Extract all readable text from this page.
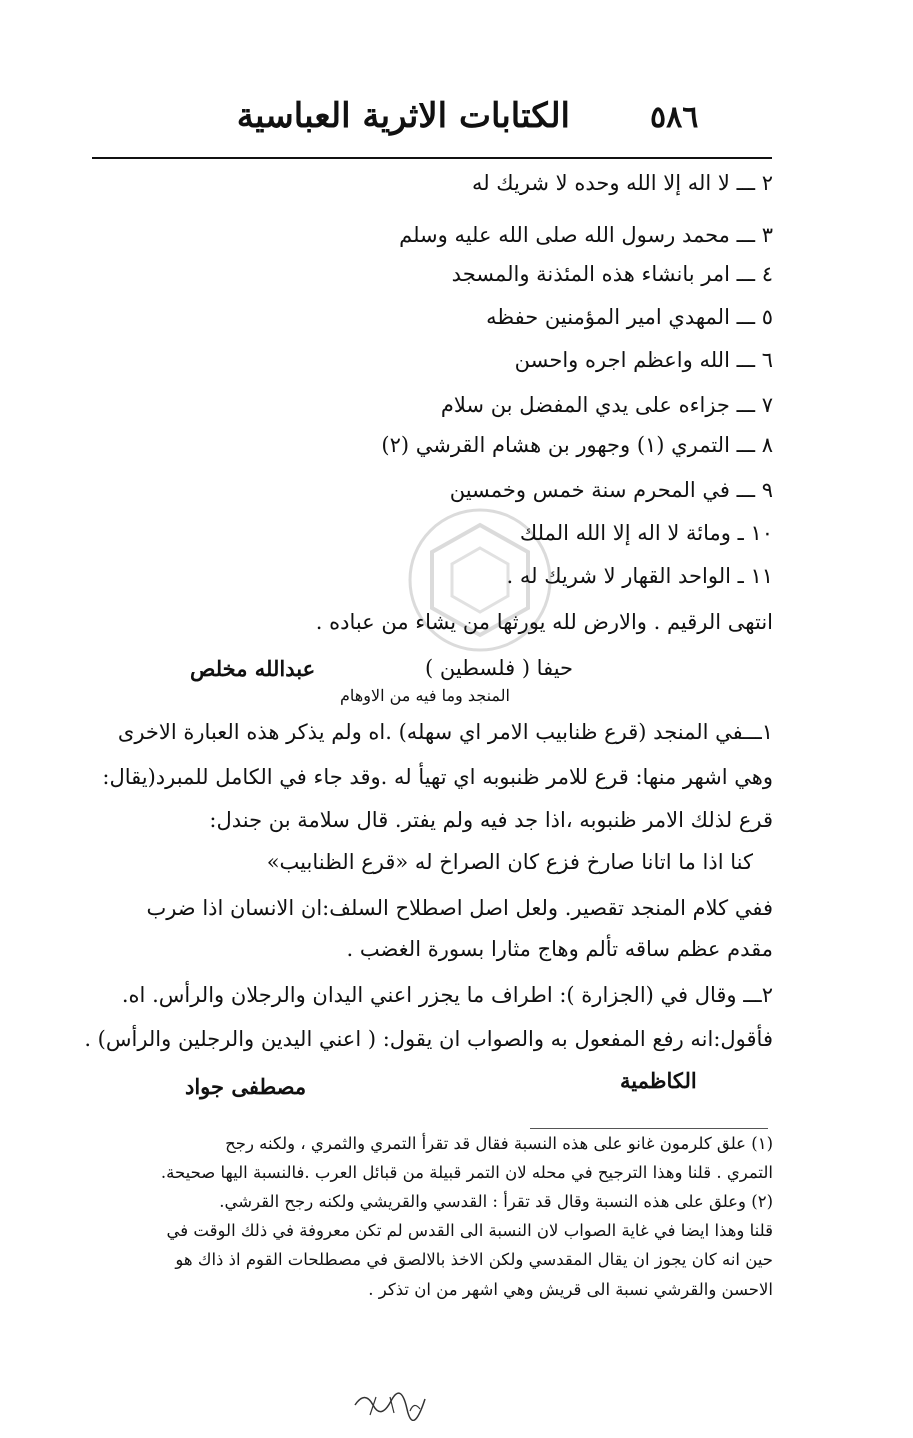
الكتابات الاثرية العباسية	٥٨٦
٢ ـــ لا اله إلا الله وحده لا شريك له
٣ ـــ محمد رسول الله صلى الله عليه وسلم
٤ ـــ امر بانشاء هذه المئذنة والمسجد
٥ ـــ المهدي امير المؤمنين حفظه
٦ ـــ الله واعظم اجره واحسن
٧ ـــ جزاءه على يدي المفضل بن سلام
٨ ـــ التمري (١) وجهور بن هشام القرشي (٢)
٩ ـــ في المحرم سنة خمس وخمسين
١٠ ـ ومائة لا اله إلا الله الملك
١١ ـ الواحد القهار لا شريك له .
انتهى الرقيم . والارض لله يورثها من يشاء من عباده .
عبدالله مخلص	حيفا ( فلسطين )
المنجد وما فيه من الاوهام
١ـــفي المنجد (قرع ظنابيب الامر اي سهله) .اه ولم يذكر هذه العبارة الاخرى
وهي اشهر منها: قرع للامر ظنبوبه اي تهيأ له .وقد جاء في الكامل للمبرد(يقال:
قرع لذلك الامر ظنبوبه ،اذا جد فيه ولم يفتر. قال سلامة بن جندل:
كنا اذا ما اتانا صارخ فزع كان الصراخ له «قرع الظنابيب»
ففي كلام المنجد تقصير. ولعل اصل اصطلاح السلف:ان الانسان اذا ضرب
مقدم عظم ساقه تألم وهاج مثارا بسورة الغضب .
٢ـــ وقال في (الجزارة ): اطراف ما يجزر اعني اليدان والرجلان والرأس. اه.
فأقول:انه رفع المفعول به والصواب ان يقول: ( اعني اليدين والرجلين والرأس) .
مصطفى جواد	الكاظمية
(١) علق كلرمون غانو على هذه النسبة فقال قد تقرأ التمري والثمري ، ولكنه رجح
التمري . قلنا وهذا الترجيح في محله لان التمر قبيلة من قبائل العرب .فالنسبة اليها صحيحة.
(٢) وعلق على هذه النسبة وقال قد تقرأ : القدسي والقريشي ولكنه رجح القرشي.
قلنا وهذا ايضا في غاية الصواب لان النسبة الى القدس لم تكن معروفة في ذلك الوقت في
حين انه كان يجوز ان يقال المقدسي ولكن الاخذ بالالصق في مصطلحات القوم اذ ذاك هو
الاحسن والقرشي نسبة الى قريش وهي اشهر من ان تذكر .
